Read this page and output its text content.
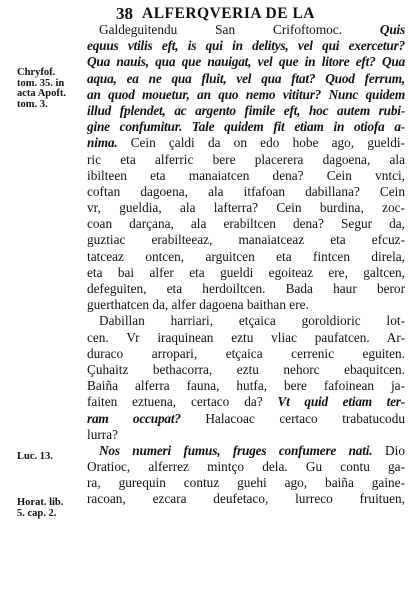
38 ALFERQVERIA DE LA
Chryfof.
tom. 35. in
acta Apoft.
tom. 3.
Luc. 13.
Horat. lib.
5. cap. 2.
Galdeguitendu San Crifoftomoc. Quis
equus vtilis eft, is qui in delitys, vel qui exercetur?
Qua nauis, qua que nauigat, vel que in litore eft? Qua
aqua, ea ne qua fluit, vel qua ftat? Quod ferrum,
an quod mouetur, an quo nemo vititur? Nunc quidem
illud fplendet, ac argento fimile eft, hoc autem rubi-
gine confumitur. Tale quidem fit etiam in otiofa a-
nima. Cein çaldi da on edo hobe ago, gueldi-
ric eta alferric bere placerera dagoena, ala
ibilteen eta manaiatcen dena? Cein vntci,
coftan dagoena, ala itfafoan dabillana? Cein
vr, gueldia, ala lafterra? Cein burdina, zoc-
coan darçana, ala erabiltcen dena? Segur da,
guztiac erabilteeaz, manaiatceaz eta efcuz-
tatceaz ontcen, arguitcen eta fintcen direla,
eta bai alfer eta gueldi egoiteaz ere, galtcen,
defeguiten, eta herdoiltcen. Bada haur beror
guerthatcen da, alfer dagoena baithan ere.
Dabillan harriari, etçaica goroldioric lot-
cen. Vr iraquinean eztu vliac paufatcen. Ar-
duraco arropari, etçaica cerrenic eguiten.
Çuhaitz bethacorra, eztu nehorc ebaquitcen.
Baiña alferra fauna, hutfa, bere fafoinean ja-
faiten eztuena, certaco da? Vt quid etiam ter-
ram occupat? Halacoac certaco trabatucodu
lurra?
Nos numeri fumus, fruges confumere nati. Dio
Oratioc, alferrez mintço dela. Gu contu ga-
ra, gurequin contuz guehi ago, baiña gaine-
racoan, ezcara deufetaco, lurreco fruituen,
